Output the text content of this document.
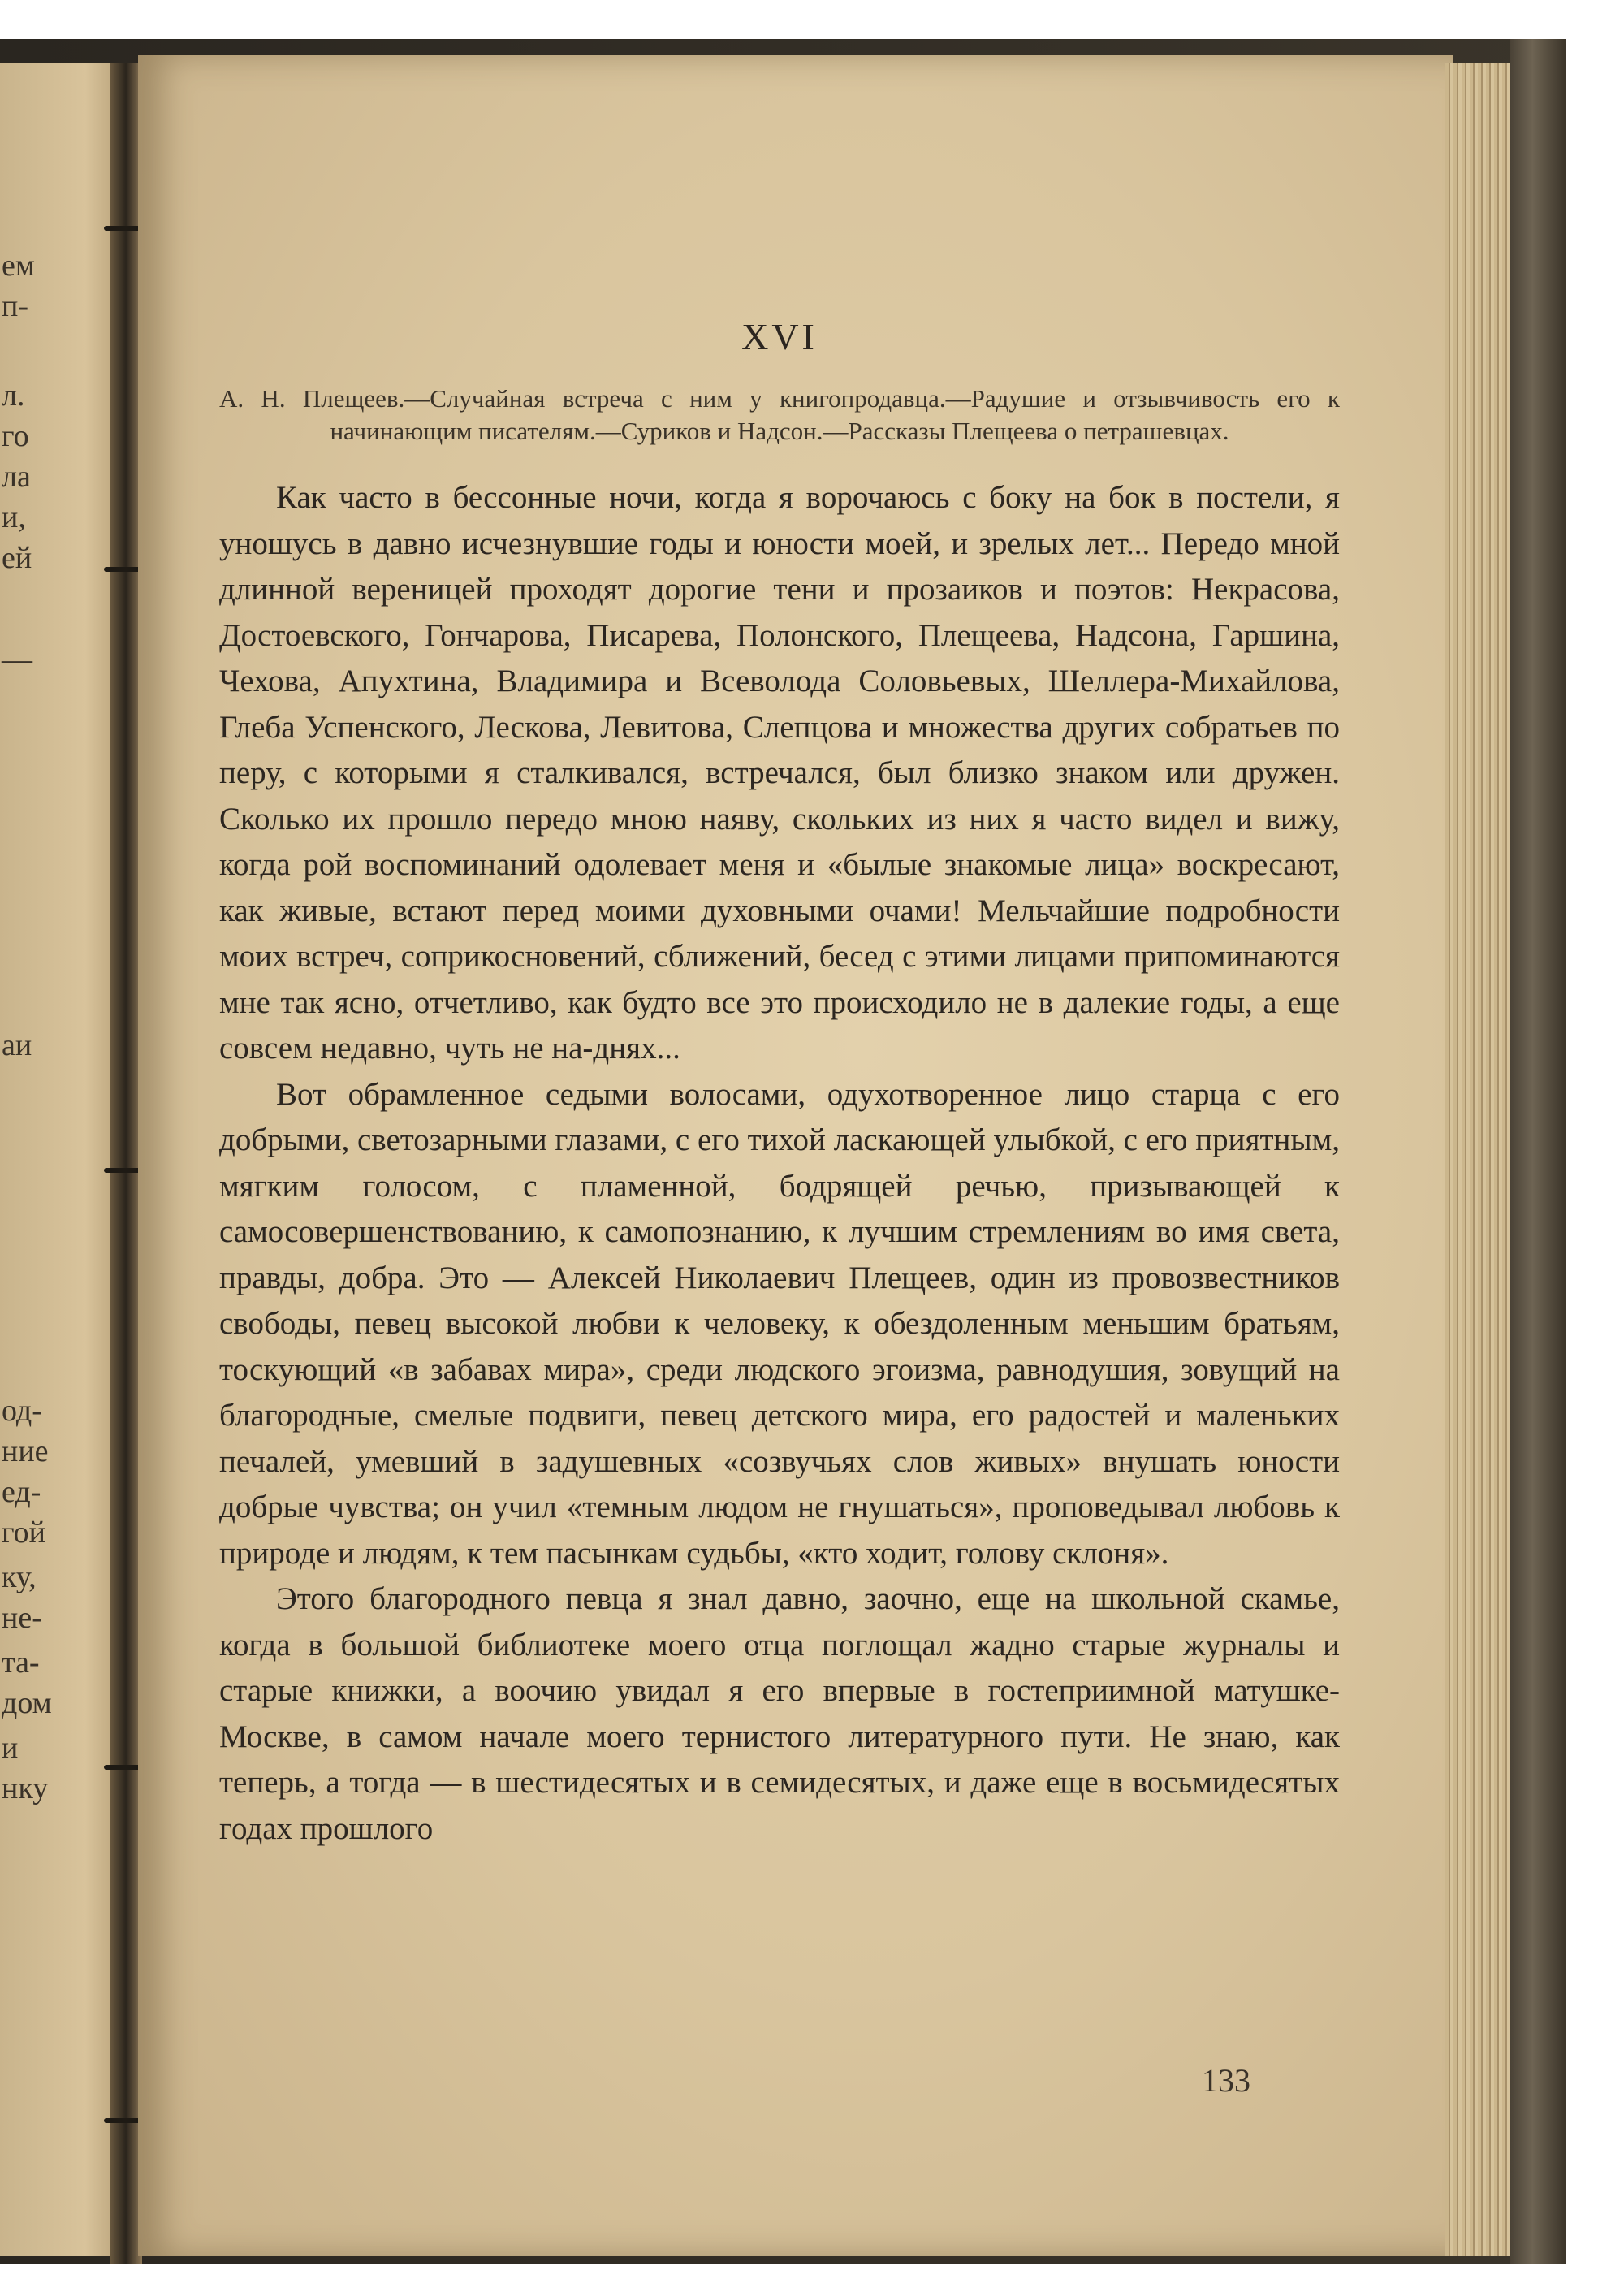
ем
п-
л.
го
ла
и,
ей
—
аи
од-
ние
ед-
гой
ку,
не-
та-
дом
и
нку
XVI
А. Н. Плещеев.—Случайная встреча с ним у книгопродавца.—Радушие и отзывчивость его к начинающим писателям.—Суриков и Надсон.—Рассказы Плещеева о петрашевцах.

Как часто в бессонные ночи, когда я ворочаюсь с боку на бок в постели, я уношусь в давно исчезнувшие годы и юности моей, и зрелых лет... Передо мной длинной вереницей проходят дорогие тени и прозаиков и поэтов: Некрасова, Достоевского, Гончарова, Писарева, Полонского, Плещеева, Надсона, Гаршина, Чехова, Апухтина, Владимира и Всеволода Соловьевых, Шеллера-Михайлова, Глеба Успенского, Лескова, Левитова, Слепцова и множества других собратьев по перу, с которыми я сталкивался, встречался, был близко знаком или дружен. Сколько их прошло передо мною наяву, скольких из них я часто видел и вижу, когда рой воспоминаний одолевает меня и «былые знакомые лица» воскресают, как живые, встают перед моими духовными очами! Мельчайшие подробности моих встреч, соприкосновений, сближений, бесед с этими лицами припоминаются мне так ясно, отчетливо, как будто все это происходило не в далекие годы, а еще совсем недавно, чуть не на-днях...

Вот обрамленное седыми волосами, одухотворенное лицо старца с его добрыми, светозарными глазами, с его тихой ласкающей улыбкой, с его приятным, мягким голосом, с пламенной, бодрящей речью, призывающей к самосовершенствованию, к самопознанию, к лучшим стремлениям во имя света, правды, добра. Это — Алексей Николаевич Плещеев, один из провозвестников свободы, певец высокой любви к человеку, к обездоленным меньшим братьям, тоскующий «в забавах мира», среди людского эгоизма, равнодушия, зовущий на благородные, смелые подвиги, певец детского мира, его радостей и маленьких печалей, умевший в задушевных «созвучьях слов живых» внушать юности добрые чувства; он учил «темным людом не гнушаться», проповедывал любовь к природе и людям, к тем пасынкам судьбы, «кто ходит, голову склоня».

Этого благородного певца я знал давно, заочно, еще на школьной скамье, когда в большой библиотеке моего отца поглощал жадно старые журналы и старые книжки, а воочию увидал я его впервые в гостеприимной матушке-Москве, в самом начале моего тернистого литературного пути. Не знаю, как теперь, а тогда — в шестидесятых и в семидесятых, и даже еще в восьмидесятых годах прошлого

133
